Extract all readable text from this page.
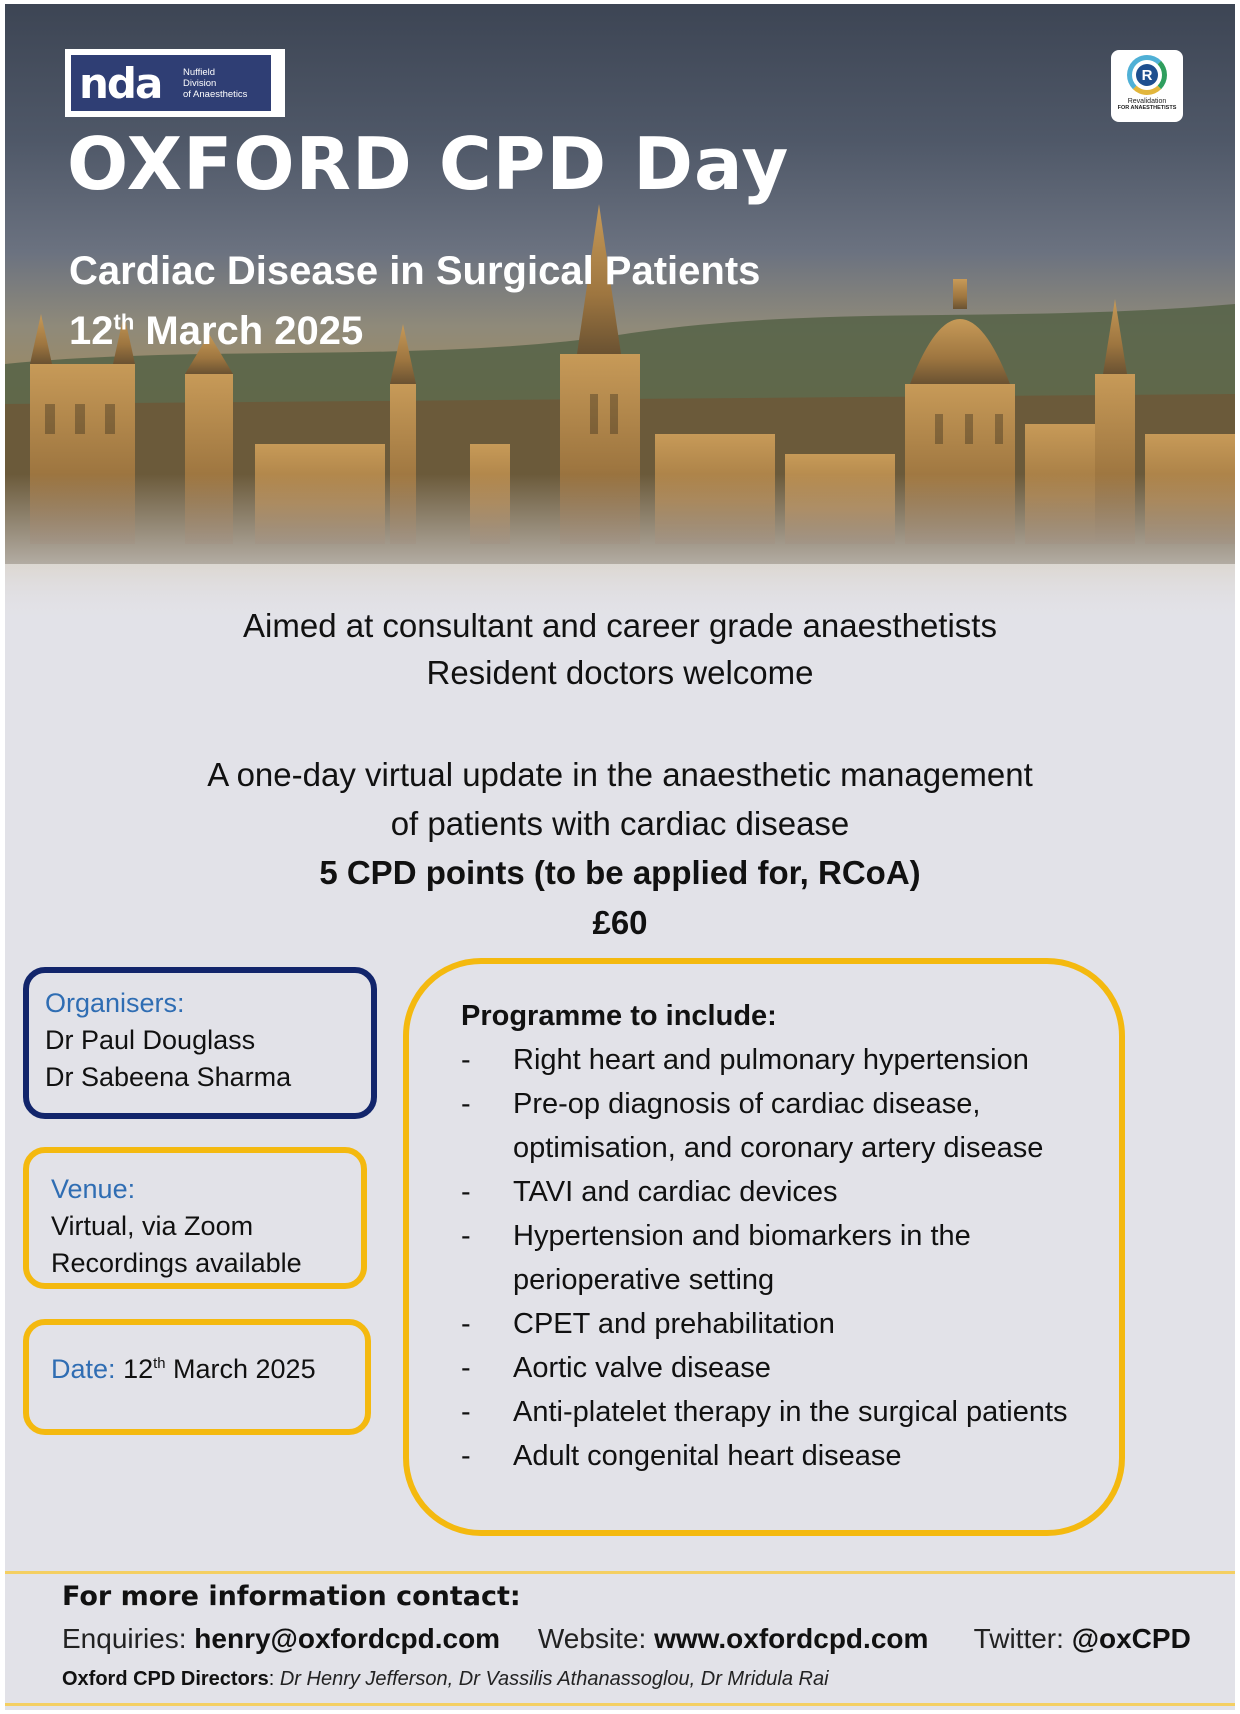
nda	Nuffield
Division
of Anaesthetics
R
Revalidation
FOR ANAESTHETISTS
OXFORD CPD Day
Cardiac Disease in Surgical Patients
12th March 2025
Aimed at consultant and career grade anaesthetists
Resident doctors welcome
A one-day virtual update in the anaesthetic management
of patients with cardiac disease
5 CPD points (to be applied for, RCoA)
£60
Organisers:
Dr Paul Douglass
Dr Sabeena Sharma
Venue:
Virtual, via Zoom
Recordings available
Date: 12th March 2025
Programme to include:
- Right heart and pulmonary hypertension
- Pre-op diagnosis of cardiac disease, optimisation, and coronary artery disease
- TAVI and cardiac devices
- Hypertension and biomarkers in the perioperative setting
- CPET and prehabilitation
- Aortic valve disease
- Anti-platelet therapy in the surgical patients
- Adult congenital heart disease
For more information contact:
Enquiries: henry@oxfordcpd.com Website: www.oxfordcpd.com Twitter: @oxCPD
Oxford CPD Directors: Dr Henry Jefferson, Dr Vassilis Athanassoglou, Dr Mridula Rai
